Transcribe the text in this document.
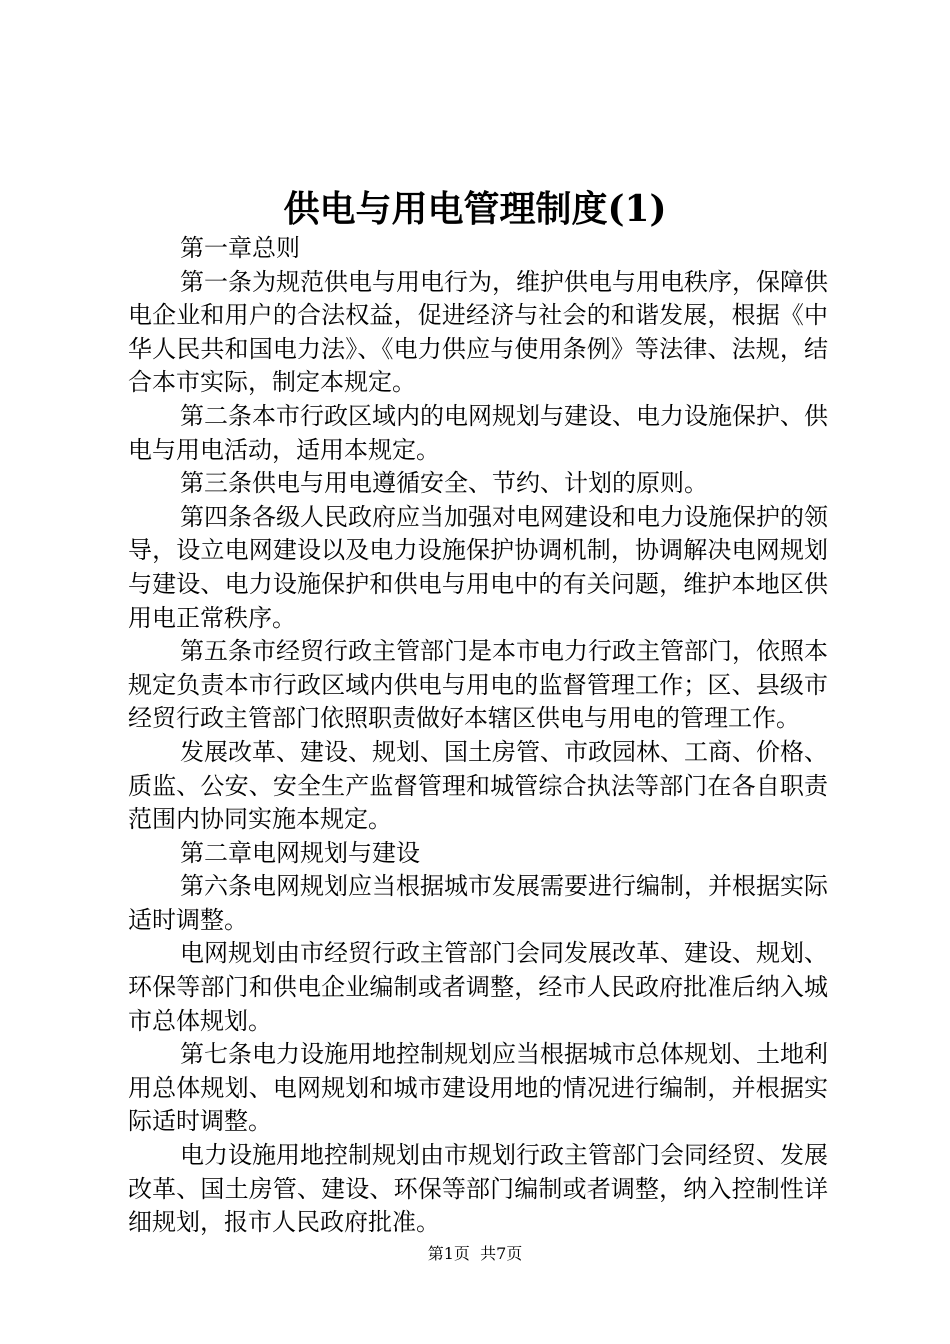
供电与用电管理制度(1)

第一章总则

第一条为规范供电与用电行为，维护供电与用电秩序，保障供电企业和用户的合法权益，促进经济与社会的和谐发展，根据《中华人民共和国电力法》、《电力供应与使用条例》等法律、法规，结合本市实际，制定本规定。

第二条本市行政区域内的电网规划与建设、电力设施保护、供电与用电活动，适用本规定。

第三条供电与用电遵循安全、节约、计划的原则。

第四条各级人民政府应当加强对电网建设和电力设施保护的领导，设立电网建设以及电力设施保护协调机制，协调解决电网规划与建设、电力设施保护和供电与用电中的有关问题，维护本地区供用电正常秩序。

第五条市经贸行政主管部门是本市电力行政主管部门，依照本规定负责本市行政区域内供电与用电的监督管理工作；区、县级市经贸行政主管部门依照职责做好本辖区供电与用电的管理工作。

发展改革、建设、规划、国土房管、市政园林、工商、价格、质监、公安、安全生产监督管理和城管综合执法等部门在各自职责范围内协同实施本规定。

第二章电网规划与建设

第六条电网规划应当根据城市发展需要进行编制，并根据实际适时调整。

电网规划由市经贸行政主管部门会同发展改革、建设、规划、环保等部门和供电企业编制或者调整，经市人民政府批准后纳入城市总体规划。

第七条电力设施用地控制规划应当根据城市总体规划、土地利用总体规划、电网规划和城市建设用地的情况进行编制，并根据实际适时调整。

电力设施用地控制规划由市规划行政主管部门会同经贸、发展改革、国土房管、建设、环保等部门编制或者调整，纳入控制性详细规划，报市人民政府批准。

第1页 共7页
